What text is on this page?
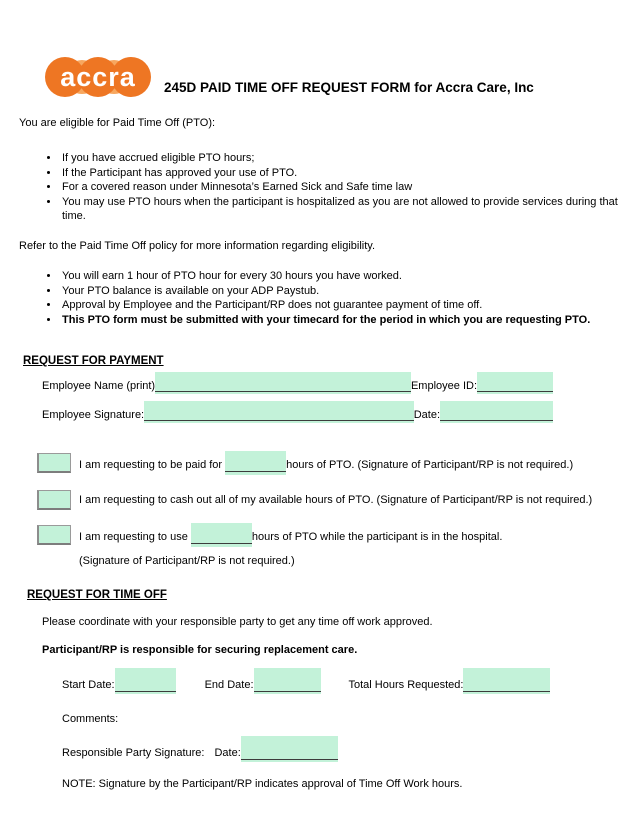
accra	245D PAID TIME OFF REQUEST FORM for Accra Care, Inc

You are eligible for Paid Time Off (PTO):

• If you have accrued eligible PTO hours;
• If the Participant has approved your use of PTO.
• For a covered reason under Minnesota’s Earned Sick and Safe time law
• You may use PTO hours when the participant is hospitalized as you are not allowed to provide services during that time.

Refer to the Paid Time Off policy for more information regarding eligibility.

• You will earn 1 hour of PTO hour for every 30 hours you have worked.
• Your PTO balance is available on your ADP Paystub.
• Approval by Employee and the Participant/RP does not guarantee payment of time off.
• This PTO form must be submitted with your timecard for the period in which you are requesting PTO.
REQUEST FOR PAYMENT
Employee Name (print)	Employee ID:
Employee Signature:	Date:
I am requesting to be paid for	hours of PTO. (Signature of Participant/RP is not required.)
I am requesting to cash out all of my available hours of PTO. (Signature of Participant/RP is not required.)
I am requesting to use	hours of PTO while the participant is in the hospital.
(Signature of Participant/RP is not required.)
REQUEST FOR TIME OFF

Please coordinate with your responsible party to get any time off work approved.

Participant/RP is responsible for securing replacement care.

Start Date:	End Date:	Total Hours Requested:
Comments:
Responsible Party Signature: Date:

NOTE: Signature by the Participant/RP indicates approval of Time Off Work hours.
